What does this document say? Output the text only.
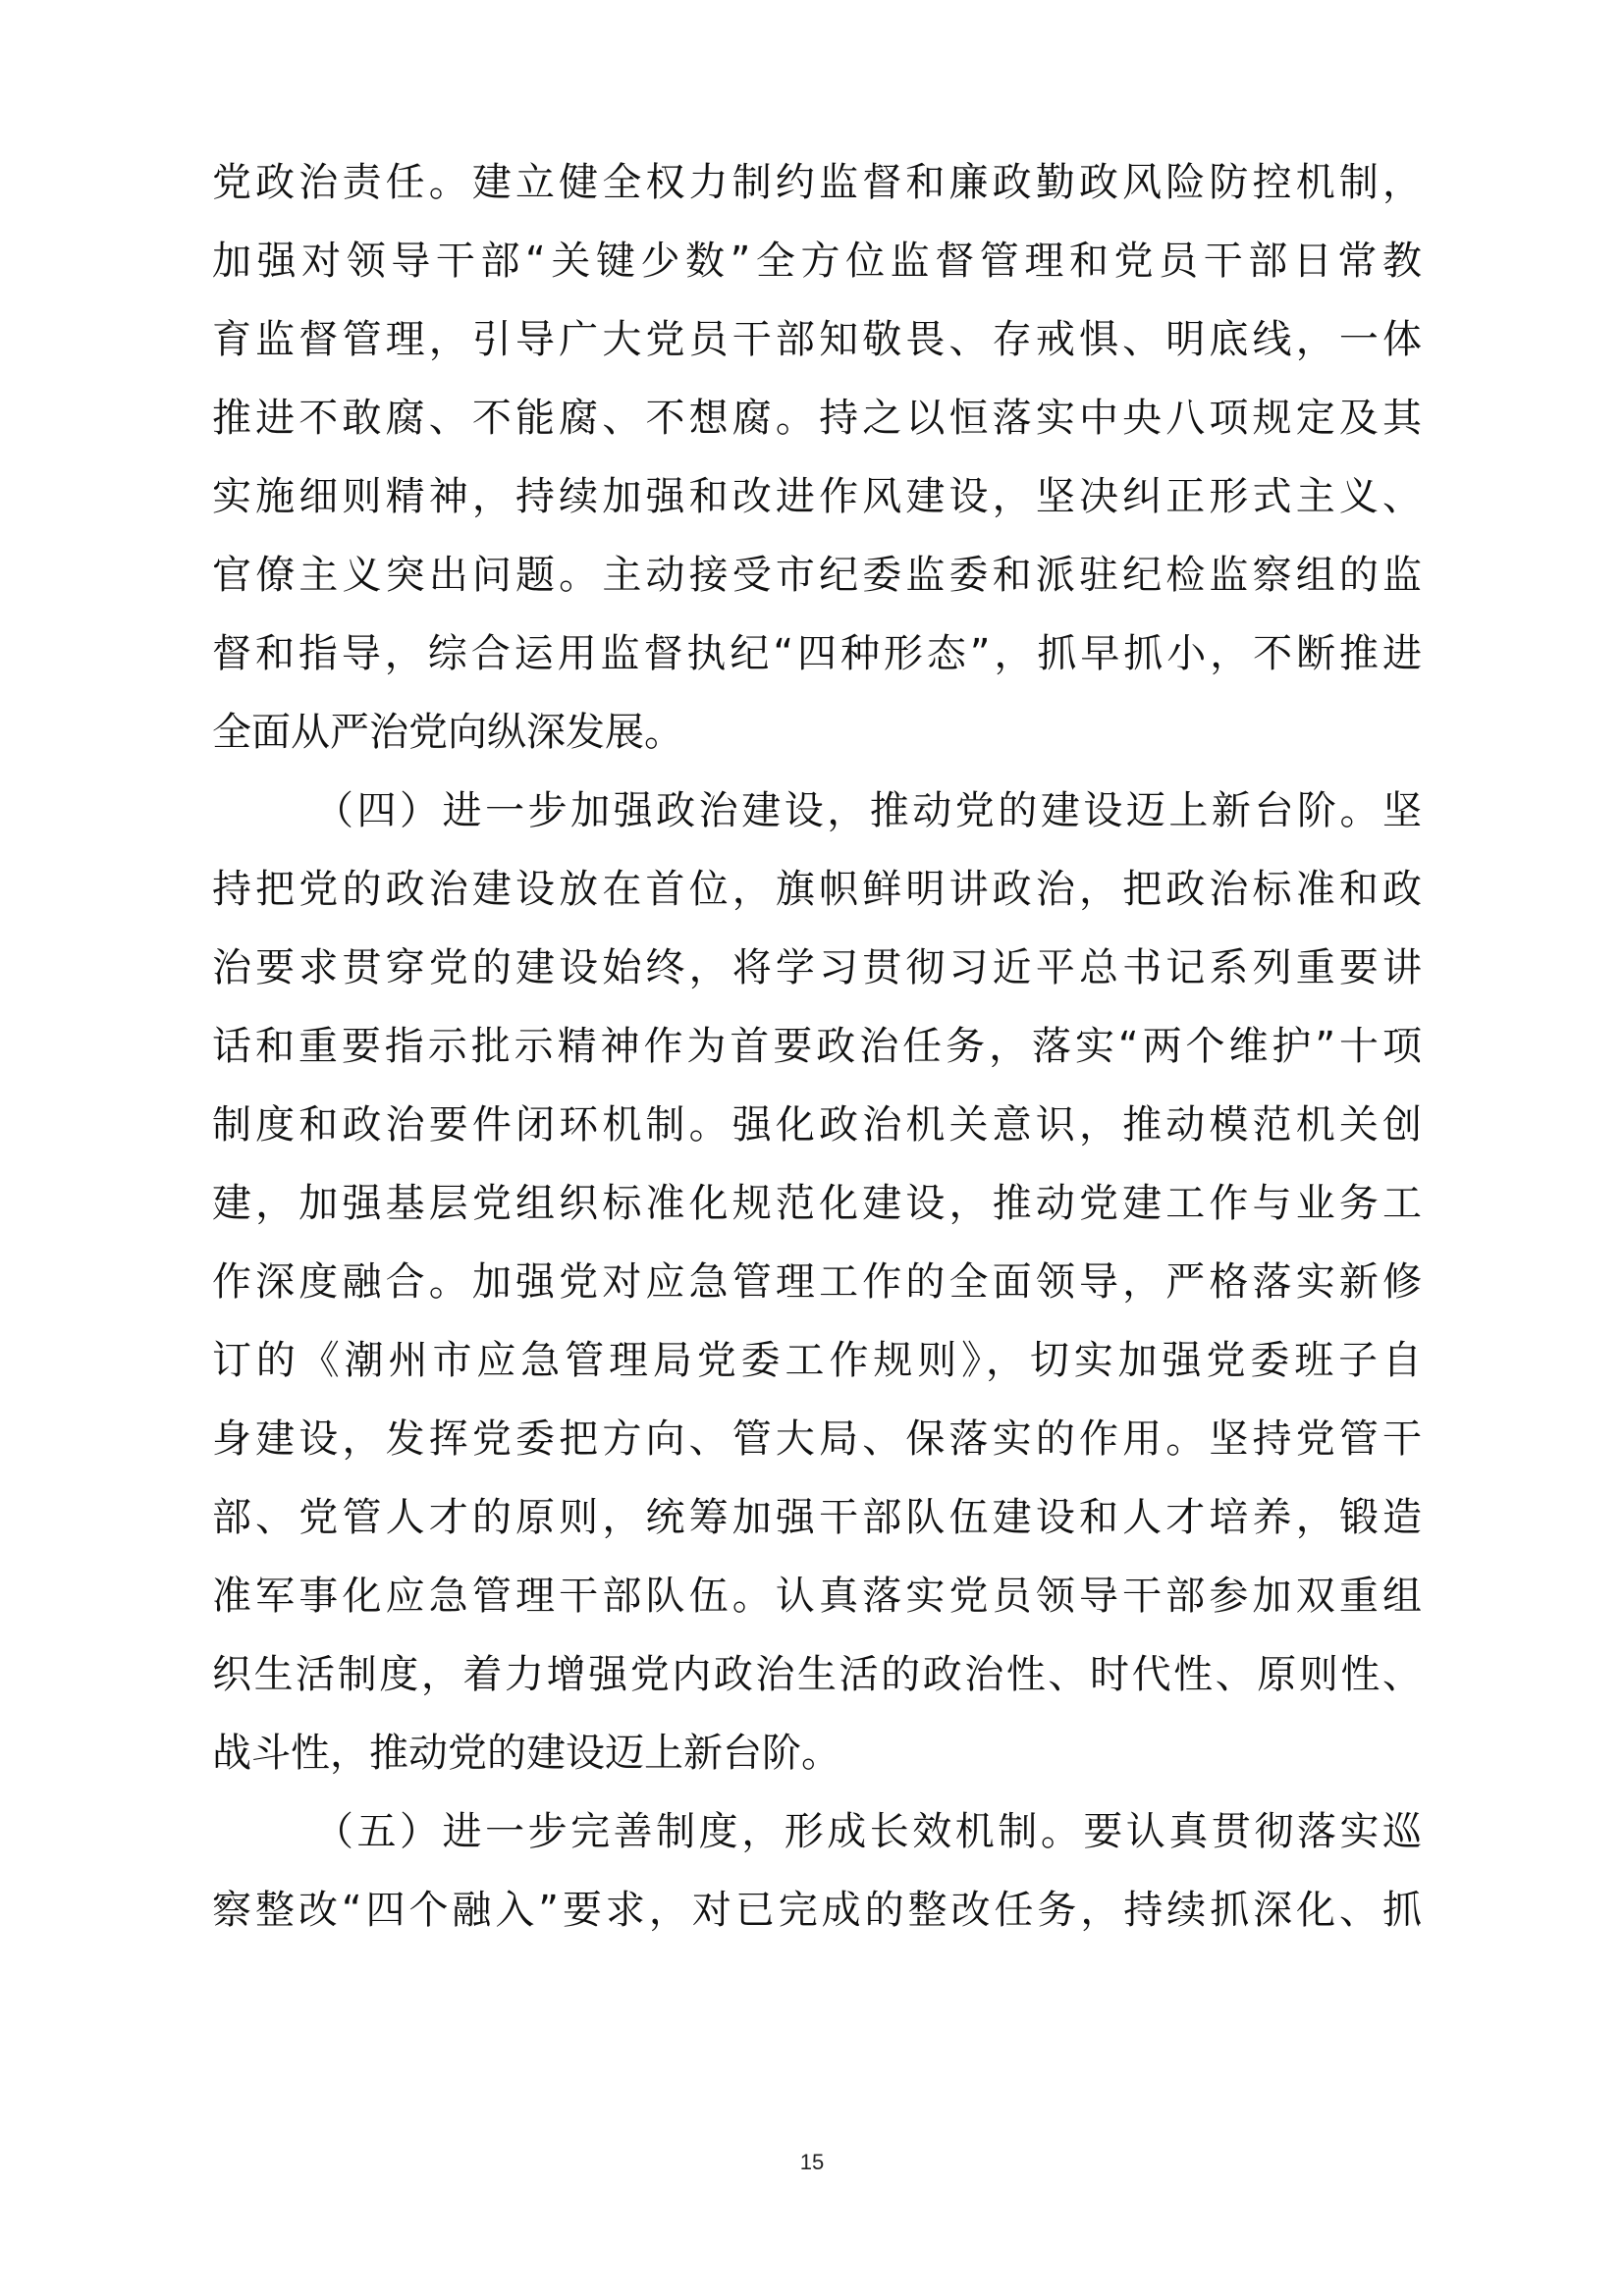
党政治责任。建立健全权力制约监督和廉政勤政风险防控机制，
加强对领导干部“关键少数”全方位监督管理和党员干部日常教
育监督管理，引导广大党员干部知敬畏、存戒惧、明底线，一体
推进不敢腐、不能腐、不想腐。持之以恒落实中央八项规定及其
实施细则精神，持续加强和改进作风建设，坚决纠正形式主义、
官僚主义突出问题。主动接受市纪委监委和派驻纪检监察组的监
督和指导，综合运用监督执纪“四种形态”，抓早抓小，不断推进
全面从严治党向纵深发展。
（四）进一步加强政治建设，推动党的建设迈上新台阶。坚
持把党的政治建设放在首位，旗帜鲜明讲政治，把政治标准和政
治要求贯穿党的建设始终，将学习贯彻习近平总书记系列重要讲
话和重要指示批示精神作为首要政治任务，落实“两个维护”十项
制度和政治要件闭环机制。强化政治机关意识，推动模范机关创
建，加强基层党组织标准化规范化建设，推动党建工作与业务工
作深度融合。加强党对应急管理工作的全面领导，严格落实新修
订的《潮州市应急管理局党委工作规则》，切实加强党委班子自
身建设，发挥党委把方向、管大局、保落实的作用。坚持党管干
部、党管人才的原则，统筹加强干部队伍建设和人才培养，锻造
准军事化应急管理干部队伍。认真落实党员领导干部参加双重组
织生活制度，着力增强党内政治生活的政治性、时代性、原则性、
战斗性，推动党的建设迈上新台阶。
（五）进一步完善制度，形成长效机制。要认真贯彻落实巡
察整改“四个融入”要求，对已完成的整改任务，持续抓深化、抓
15
